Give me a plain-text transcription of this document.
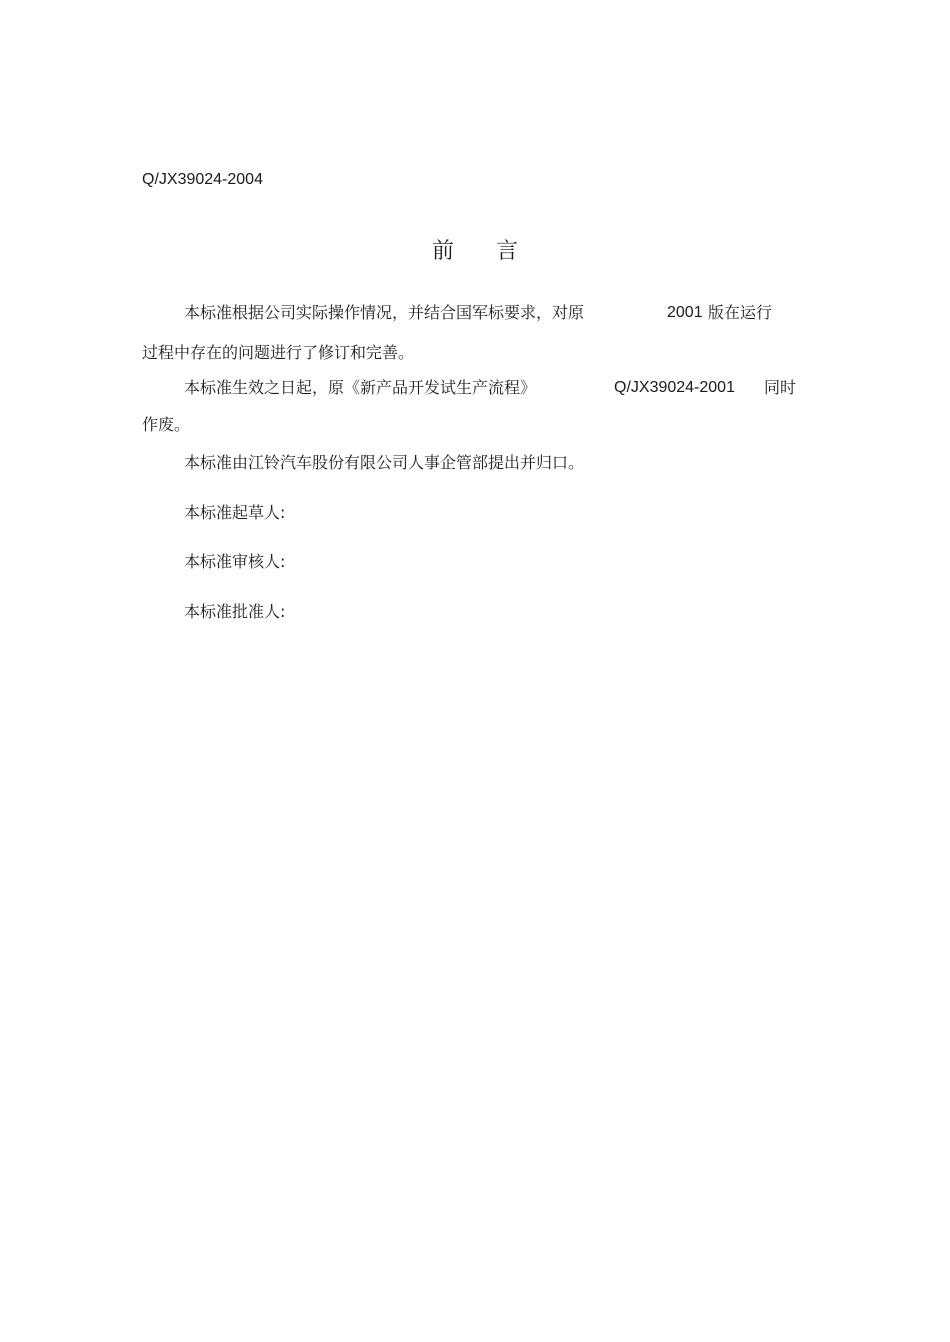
Q/JX39024-2004
前 言
本标准根据公司实际操作情况，并结合国军标要求，对原	2001 版在运行
过程中存在的问题进行了修订和完善。
本标准生效之日起，原《新产品开发试生产流程》	Q/JX39024-2001 同时
作废。
本标准由江铃汽车股份有限公司人事企管部提出并归口。
本标准起草人:
本标准审核人:
本标准批准人:
